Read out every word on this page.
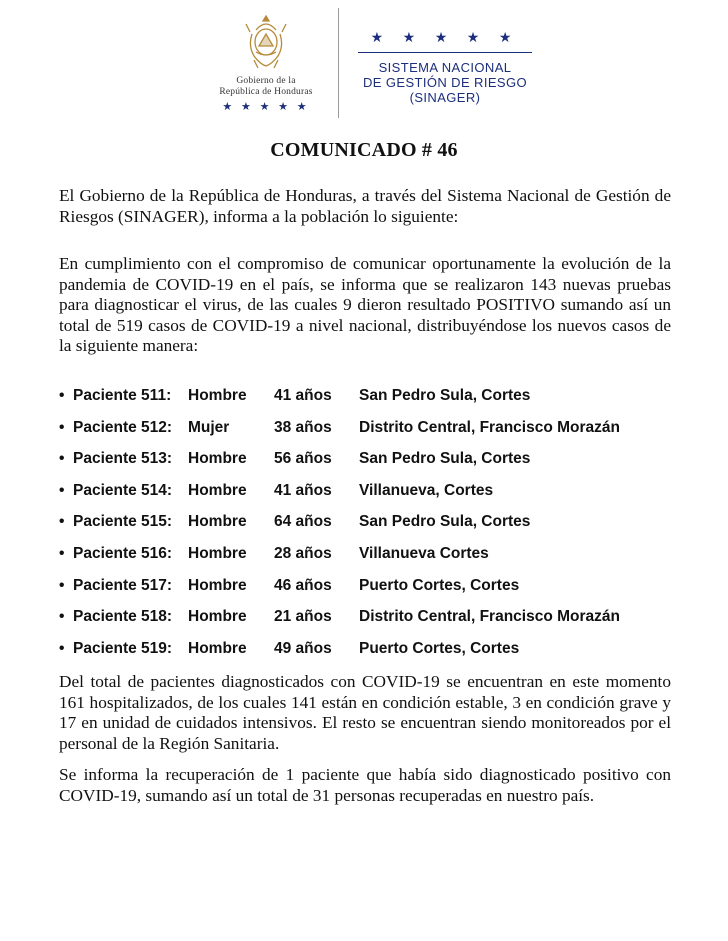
Gobierno de la
República de Honduras
★ ★ ★ ★ ★
★ ★ ★ ★ ★
SISTEMA NACIONAL
DE GESTIÓN DE RIESGO
(SINAGER)
COMUNICADO # 46

El Gobierno de la República de Honduras, a través del Sistema Nacional de Gestión de Riesgos (SINAGER), informa a la población lo siguiente:

En cumplimiento con el compromiso de comunicar oportunamente la evolución de la pandemia de COVID-19 en el país, se informa que se realizaron 143 nuevas pruebas para diagnosticar el virus, de las cuales 9 dieron resultado POSITIVO sumando así un total de 519 casos de COVID-19 a nivel nacional, distribuyéndose los nuevos casos de la siguiente manera:

• Paciente 511: Hombre 41 años San Pedro Sula, Cortes
• Paciente 512: Mujer	38 años Distrito Central, Francisco Morazán
• Paciente 513: Hombre 56 años San Pedro Sula, Cortes
• Paciente 514: Hombre 41 años Villanueva, Cortes
• Paciente 515: Hombre 64 años San Pedro Sula, Cortes
• Paciente 516: Hombre 28 años Villanueva Cortes
• Paciente 517: Hombre 46 años Puerto Cortes, Cortes
• Paciente 518: Hombre 21 años Distrito Central, Francisco Morazán
• Paciente 519: Hombre 49 años Puerto Cortes, Cortes

Del total de pacientes diagnosticados con COVID-19 se encuentran en este momento 161 hospitalizados, de los cuales 141 están en condición estable, 3 en condición grave y 17 en unidad de cuidados intensivos. El resto se encuentran siendo monitoreados por el personal de la Región Sanitaria.

Se informa la recuperación de 1 paciente que había sido diagnosticado positivo con COVID-19, sumando así un total de 31 personas recuperadas en nuestro país.
